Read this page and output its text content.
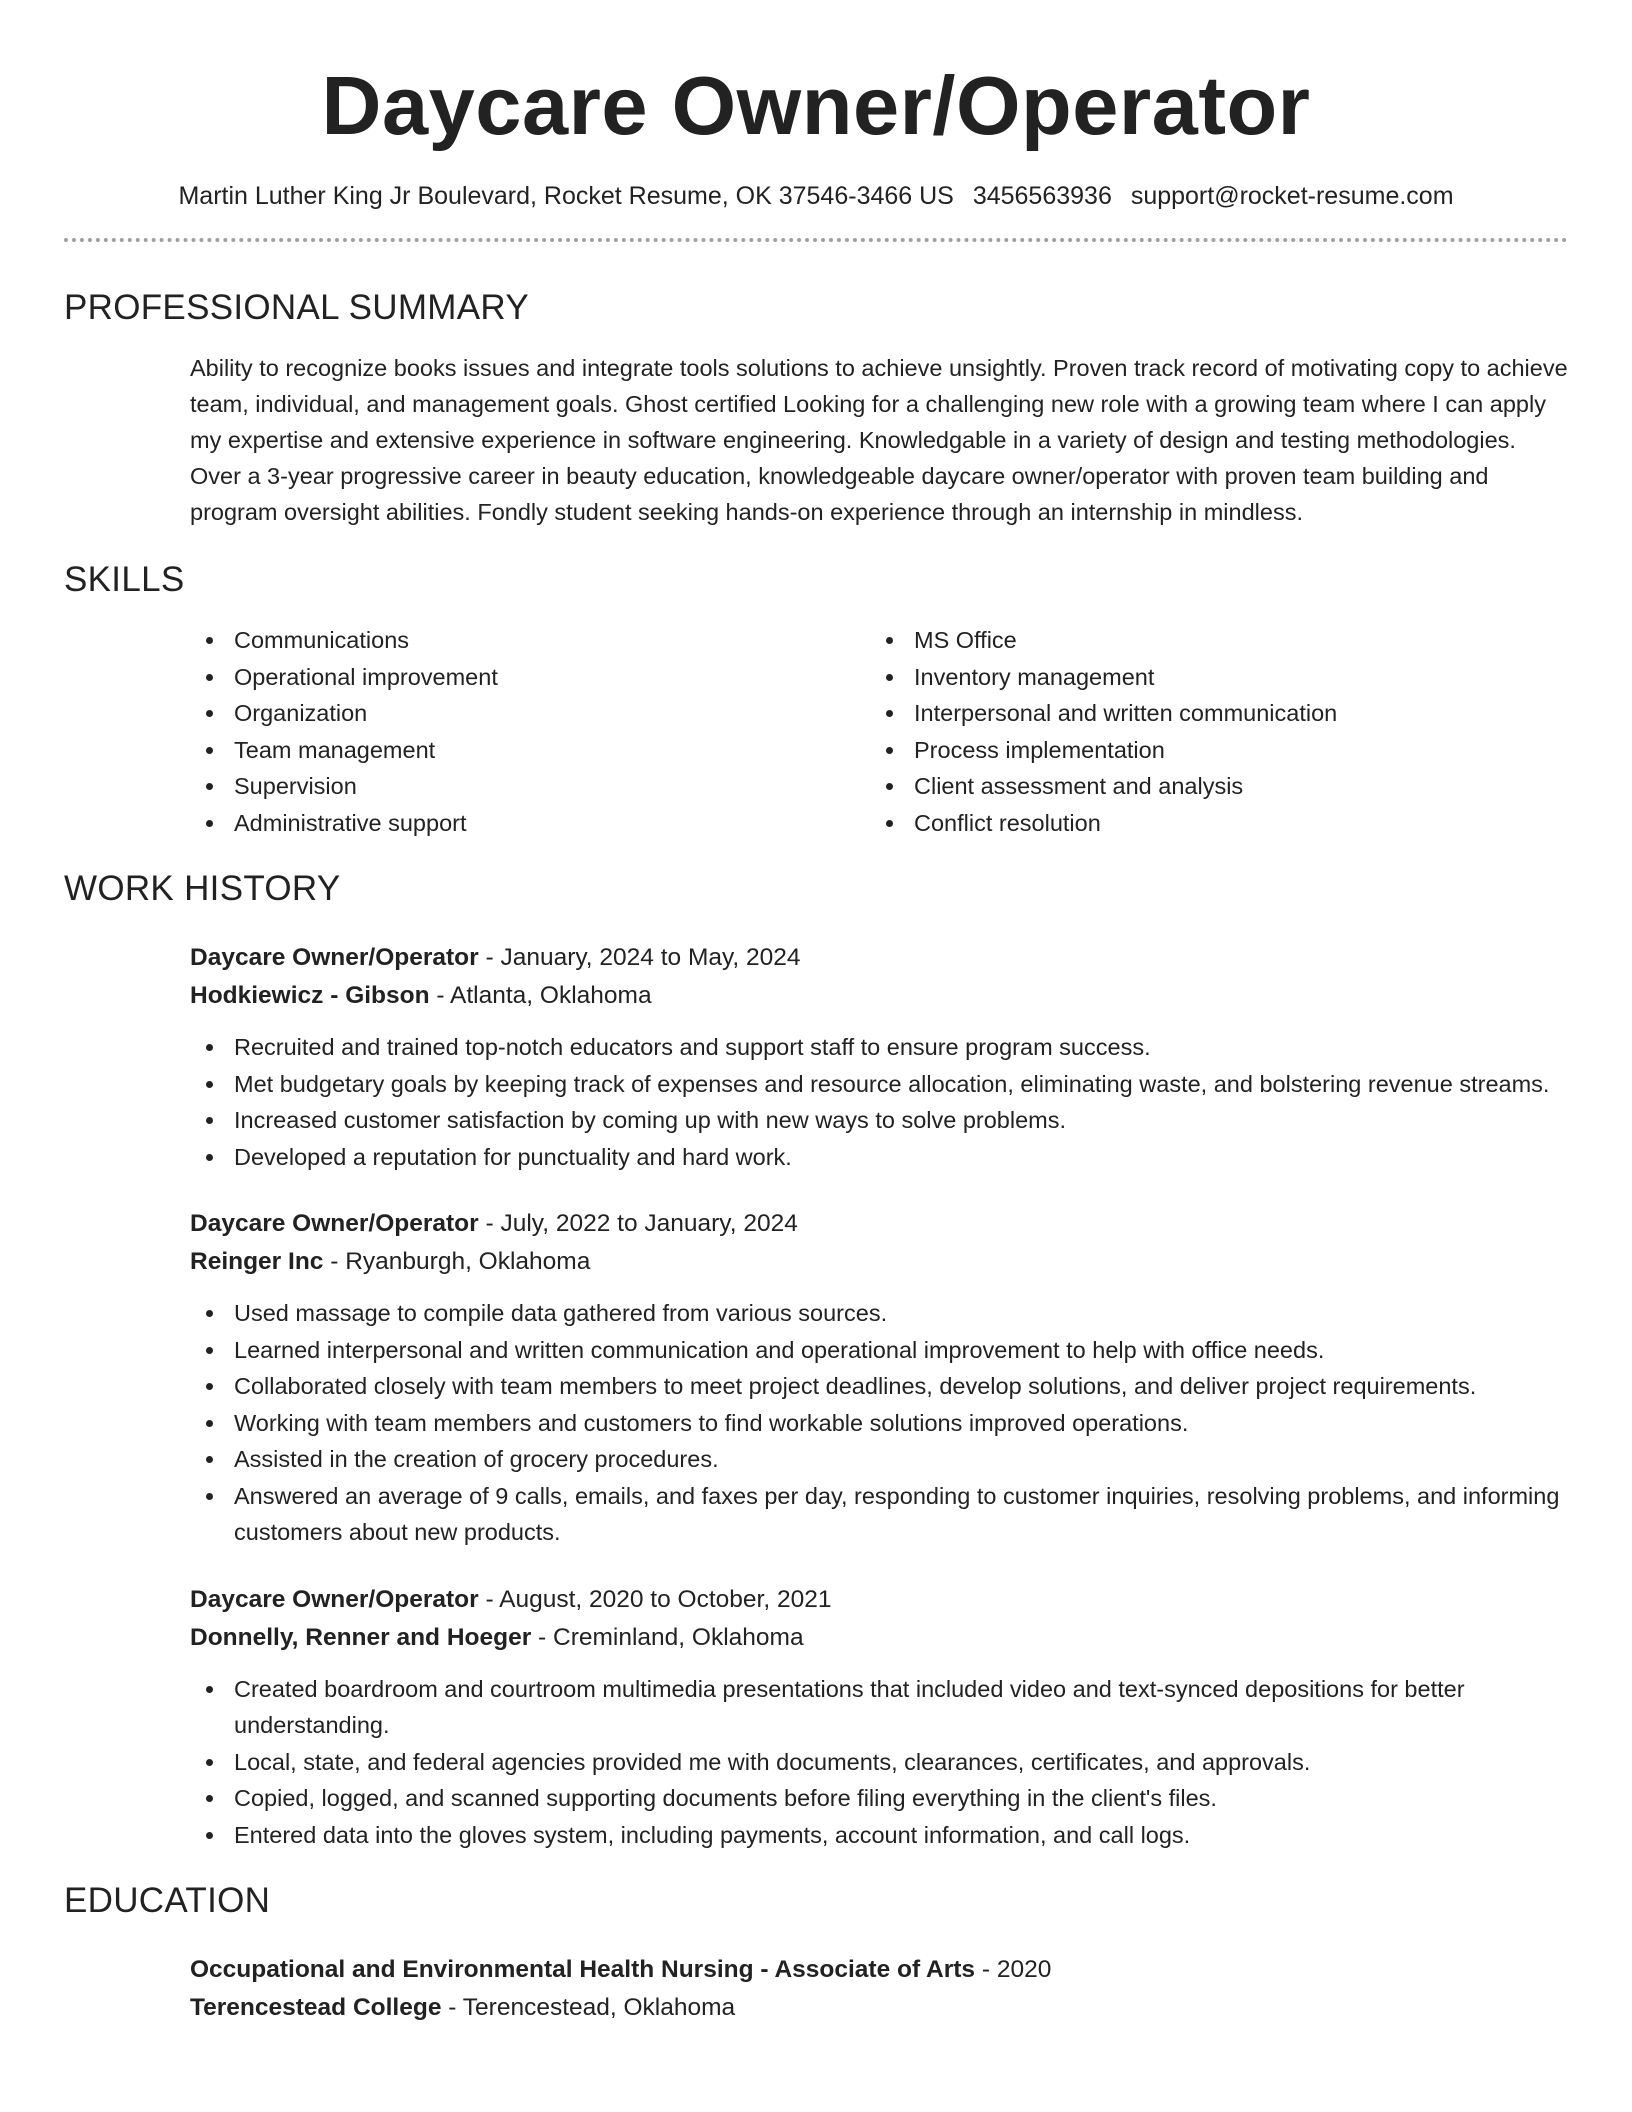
Daycare Owner/Operator
Martin Luther King Jr Boulevard, Rocket Resume, OK 37546-3466 US 3456563936 support@rocket-resume.com
PROFESSIONAL SUMMARY

Ability to recognize books issues and integrate tools solutions to achieve unsightly. Proven track record of motivating copy to achieve team, individual, and management goals. Ghost certified Looking for a challenging new role with a growing team where I can apply my expertise and extensive experience in software engineering. Knowledgable in a variety of design and testing methodologies. Over a 3-year progressive career in beauty education, knowledgeable daycare owner/operator with proven team building and program oversight abilities. Fondly student seeking hands-on experience through an internship in mindless.

SKILLS
Communications
Operational improvement
Organization
Team management
Supervision
Administrative support
MS Office
Inventory management
Interpersonal and written communication
Process implementation
Client assessment and analysis
Conflict resolution
WORK HISTORY
Daycare Owner/Operator - January, 2024 to May, 2024
Hodkiewicz - Gibson - Atlanta, Oklahoma
Recruited and trained top-notch educators and support staff to ensure program success.
Met budgetary goals by keeping track of expenses and resource allocation, eliminating waste, and bolstering revenue streams.
Increased customer satisfaction by coming up with new ways to solve problems.
Developed a reputation for punctuality and hard work.
Daycare Owner/Operator - July, 2022 to January, 2024
Reinger Inc - Ryanburgh, Oklahoma
Used massage to compile data gathered from various sources.
Learned interpersonal and written communication and operational improvement to help with office needs.
Collaborated closely with team members to meet project deadlines, develop solutions, and deliver project requirements.
Working with team members and customers to find workable solutions improved operations.
Assisted in the creation of grocery procedures.
Answered an average of 9 calls, emails, and faxes per day, responding to customer inquiries, resolving problems, and informing customers about new products.
Daycare Owner/Operator - August, 2020 to October, 2021
Donnelly, Renner and Hoeger - Creminland, Oklahoma
Created boardroom and courtroom multimedia presentations that included video and text-synced depositions for better understanding.
Local, state, and federal agencies provided me with documents, clearances, certificates, and approvals.
Copied, logged, and scanned supporting documents before filing everything in the client's files.
Entered data into the gloves system, including payments, account information, and call logs.
EDUCATION
Occupational and Environmental Health Nursing - Associate of Arts - 2020
Terencestead College - Terencestead, Oklahoma
